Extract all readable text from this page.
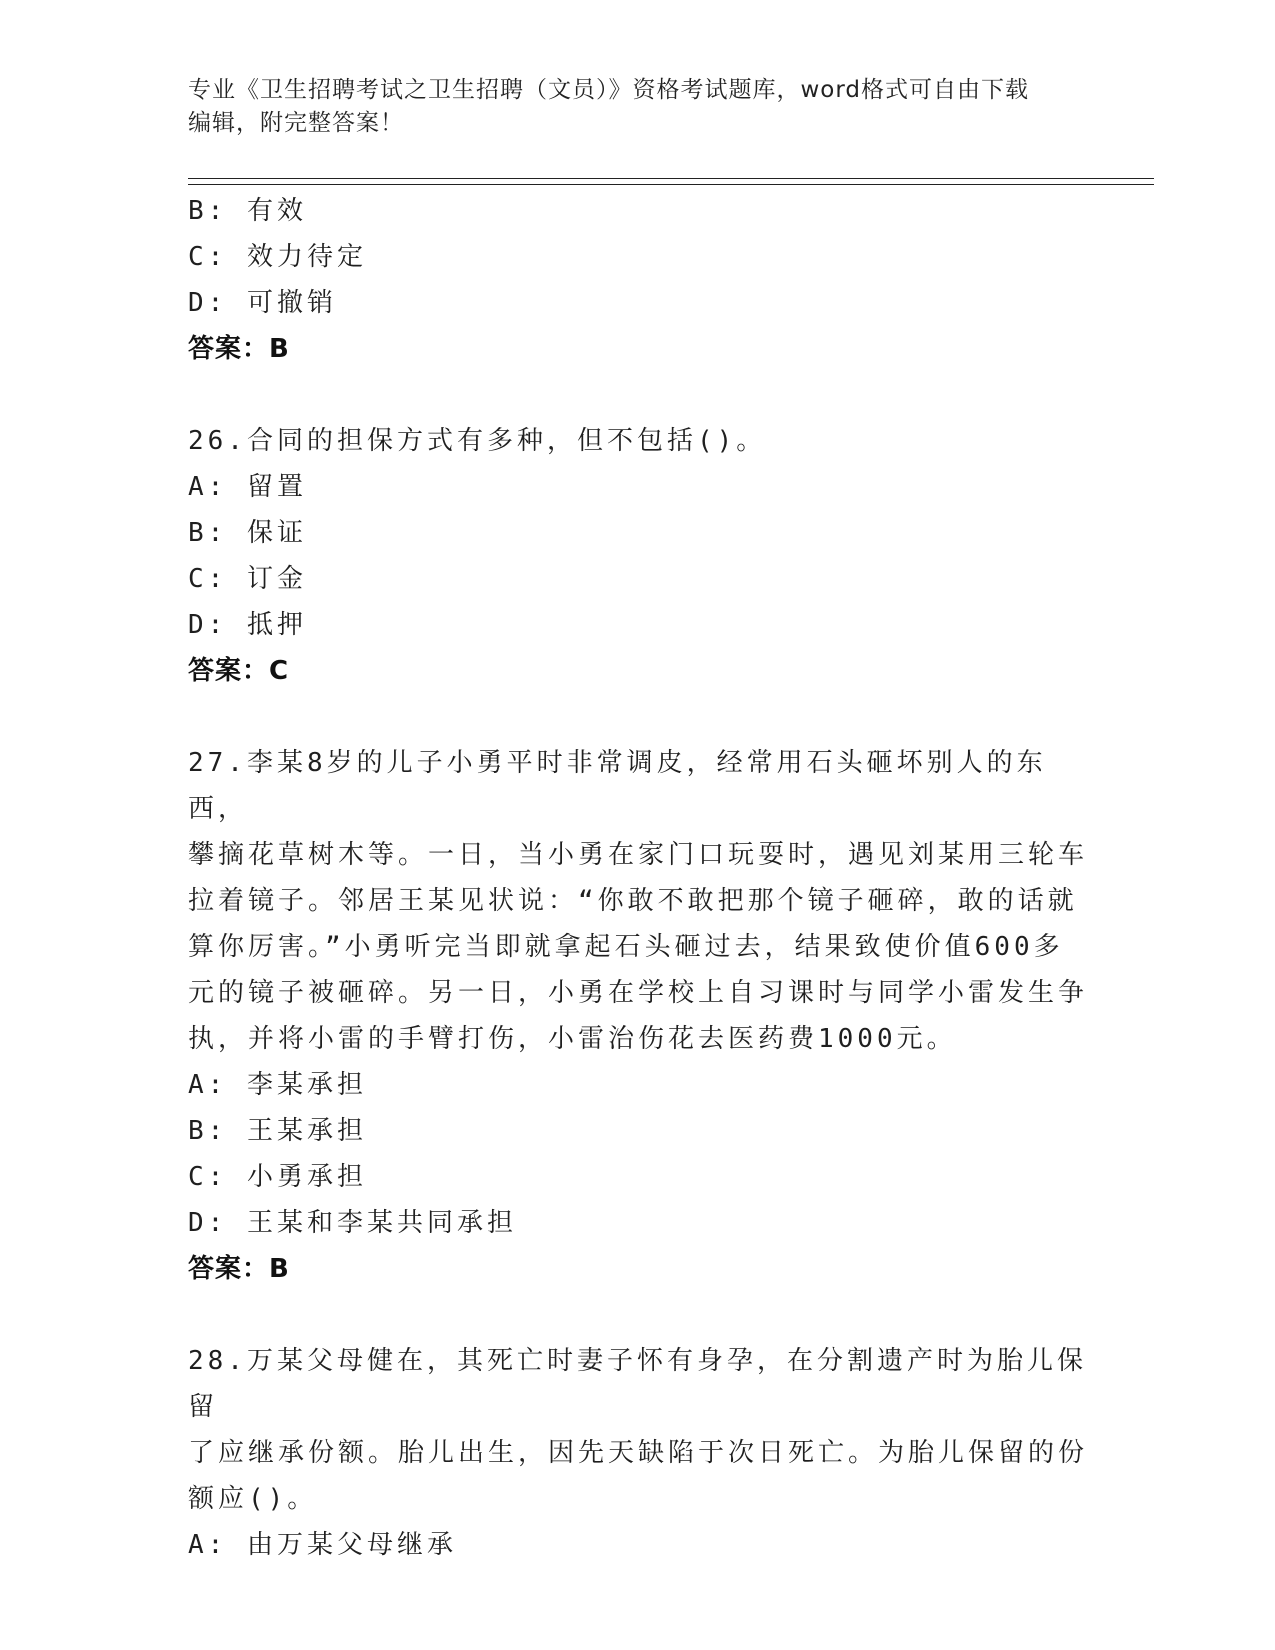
专业《卫生招聘考试之卫生招聘（文员）》资格考试题库，word格式可自由下载
编辑，附完整答案！
B: 有效
C: 效力待定
D: 可撤销
答案：B
26.合同的担保方式有多种，但不包括()。
A: 留置
B: 保证
C: 订金
D: 抵押
答案：C
27.李某8岁的儿子小勇平时非常调皮，经常用石头砸坏别人的东西，
攀摘花草树木等。一日，当小勇在家门口玩耍时，遇见刘某用三轮车
拉着镜子。邻居王某见状说：“你敢不敢把那个镜子砸碎，敢的话就
算你厉害。”小勇听完当即就拿起石头砸过去，结果致使价值600多
元的镜子被砸碎。另一日，小勇在学校上自习课时与同学小雷发生争
执，并将小雷的手臂打伤，小雷治伤花去医药费1000元。
A: 李某承担
B: 王某承担
C: 小勇承担
D: 王某和李某共同承担
答案：B
28.万某父母健在，其死亡时妻子怀有身孕，在分割遗产时为胎儿保留
了应继承份额。胎儿出生，因先天缺陷于次日死亡。为胎儿保留的份
额应()。
A: 由万某父母继承
